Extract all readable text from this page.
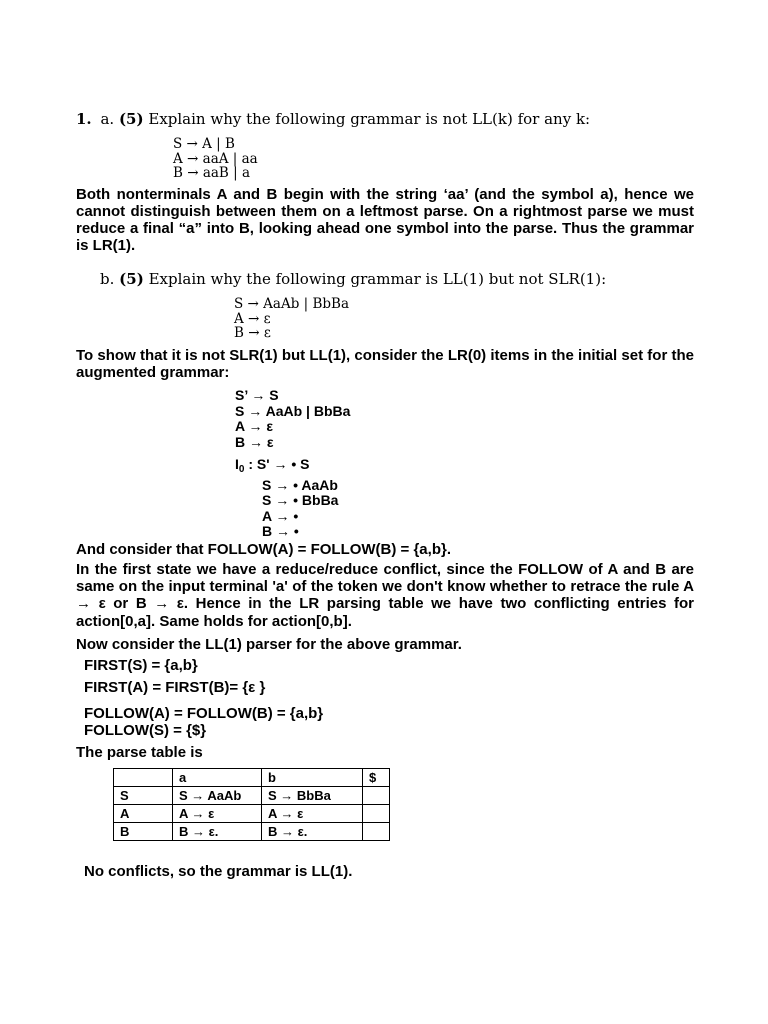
1. a. (5) Explain why the following grammar is not LL(k) for any k:
S → A | B
A → aaA | aa
B → aaB | a
Both nonterminals A and B begin with the string ‘aa’ (and the symbol a), hence we cannot distinguish between them on a leftmost parse. On a rightmost parse we must reduce a final “a” into B, looking ahead one symbol into the parse. Thus the grammar is LR(1).
b. (5) Explain why the following grammar is LL(1) but not SLR(1):
S → AaAb | BbBa
A → ε
B → ε
To show that it is not SLR(1) but LL(1), consider the LR(0) items in the initial set for the augmented grammar:
S’ → S
S → AaAb | BbBa
A → ε
B → ε
$I_0$ : S' → • S
S → • AaAb
S → • BbBa
A → •
B → •
And consider that FOLLOW(A) = FOLLOW(B) = {a,b}.
In the first state we have a reduce/reduce conflict, since the FOLLOW of A and B are same on the input terminal 'a' of the token we don't know whether to retrace the rule A → ε or B → ε. Hence in the LR parsing table we have two conflicting entries for action[0,a]. Same holds for action[0,b].
Now consider the LL(1) parser for the above grammar.
FIRST(S) = {a,b}
FIRST(A) = FIRST(B)= {ε }
FOLLOW(A) = FOLLOW(B) = {a,b}
FOLLOW(S) = {$}
The parse table is
	a	b	$
S	S → AaAb	S → BbBa	
A	A → ε	A → ε	
B	B → ε.	B → ε.	
No conflicts, so the grammar is LL(1).
